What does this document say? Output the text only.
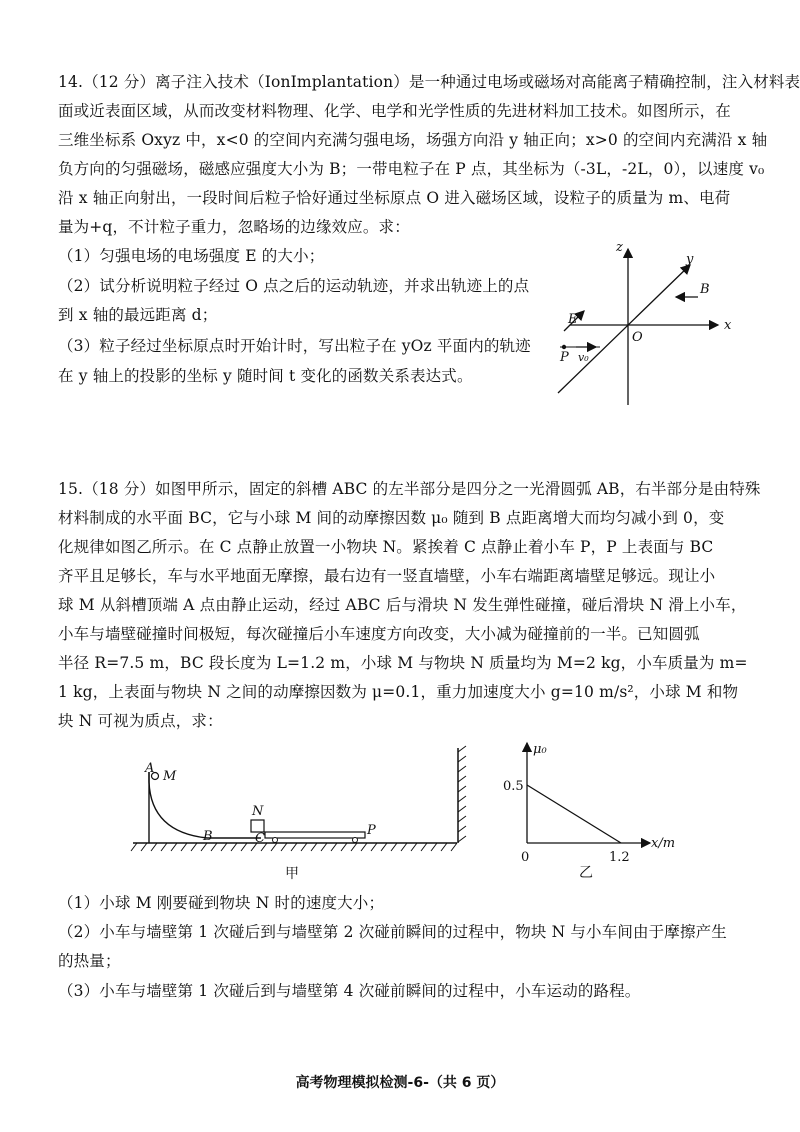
14.（12 分）离子注入技术（IonImplantation）是一种通过电场或磁场对高能离子精确控制，注入材料表
面或近表面区域，从而改变材料物理、化学、电学和光学性质的先进材料加工技术。如图所示，在
三维坐标系 Oxyz 中，x<0 的空间内充满匀强电场，场强方向沿 y 轴正向；x>0 的空间内充满沿 x 轴
负方向的匀强磁场，磁感应强度大小为 B；一带电粒子在 P 点，其坐标为（-3L，-2L，0），以速度 v₀
沿 x 轴正向射出，一段时间后粒子恰好通过坐标原点 O 进入磁场区域，设粒子的质量为 m、电荷
量为+q，不计粒子重力，忽略场的边缘效应。求：
（1）匀强电场的电场强度 E 的大小；
（2）试分析说明粒子经过 O 点之后的运动轨迹，并求出轨迹上的点
到 x 轴的最远距离 d；
（3）粒子经过坐标原点时开始计时，写出粒子在 yOz 平面内的轨迹
在 y 轴上的投影的坐标 y 随时间 t 变化的函数关系表达式。
z
y
x
B
E
O
P v₀
15.（18 分）如图甲所示，固定的斜槽 ABC 的左半部分是四分之一光滑圆弧 AB，右半部分是由特殊
材料制成的水平面 BC，它与小球 M 间的动摩擦因数 μ₀ 随到 B 点距离增大而均匀减小到 0，变
化规律如图乙所示。在 C 点静止放置一小物块 N。紧挨着 C 点静止着小车 P，P 上表面与 BC
齐平且足够长，车与水平地面无摩擦，最右边有一竖直墙壁，小车右端距离墙壁足够远。现让小
球 M 从斜槽顶端 A 点由静止运动，经过 ABC 后与滑块 N 发生弹性碰撞，碰后滑块 N 滑上小车，
小车与墙壁碰撞时间极短，每次碰撞后小车速度方向改变，大小减为碰撞前的一半。已知圆弧
半径 R=7.5 m，BC 段长度为 L=1.2 m，小球 M 与物块 N 质量均为 M=2 kg，小车质量为 m=
1 kg，上表面与物块 N 之间的动摩擦因数为 μ=0.1，重力加速度大小 g=10 m/s²，小球 M 和物
块 N 可视为质点，求：
A
M
N
B	C
P
甲
μ₀
0.5
0	1.2
x/m
乙
（1）小球 M 刚要碰到物块 N 时的速度大小；
（2）小车与墙壁第 1 次碰后到与墙壁第 2 次碰前瞬间的过程中，物块 N 与小车间由于摩擦产生
的热量；
（3）小车与墙壁第 1 次碰后到与墙壁第 4 次碰前瞬间的过程中，小车运动的路程。
高考物理模拟检测-6-（共 6 页）
